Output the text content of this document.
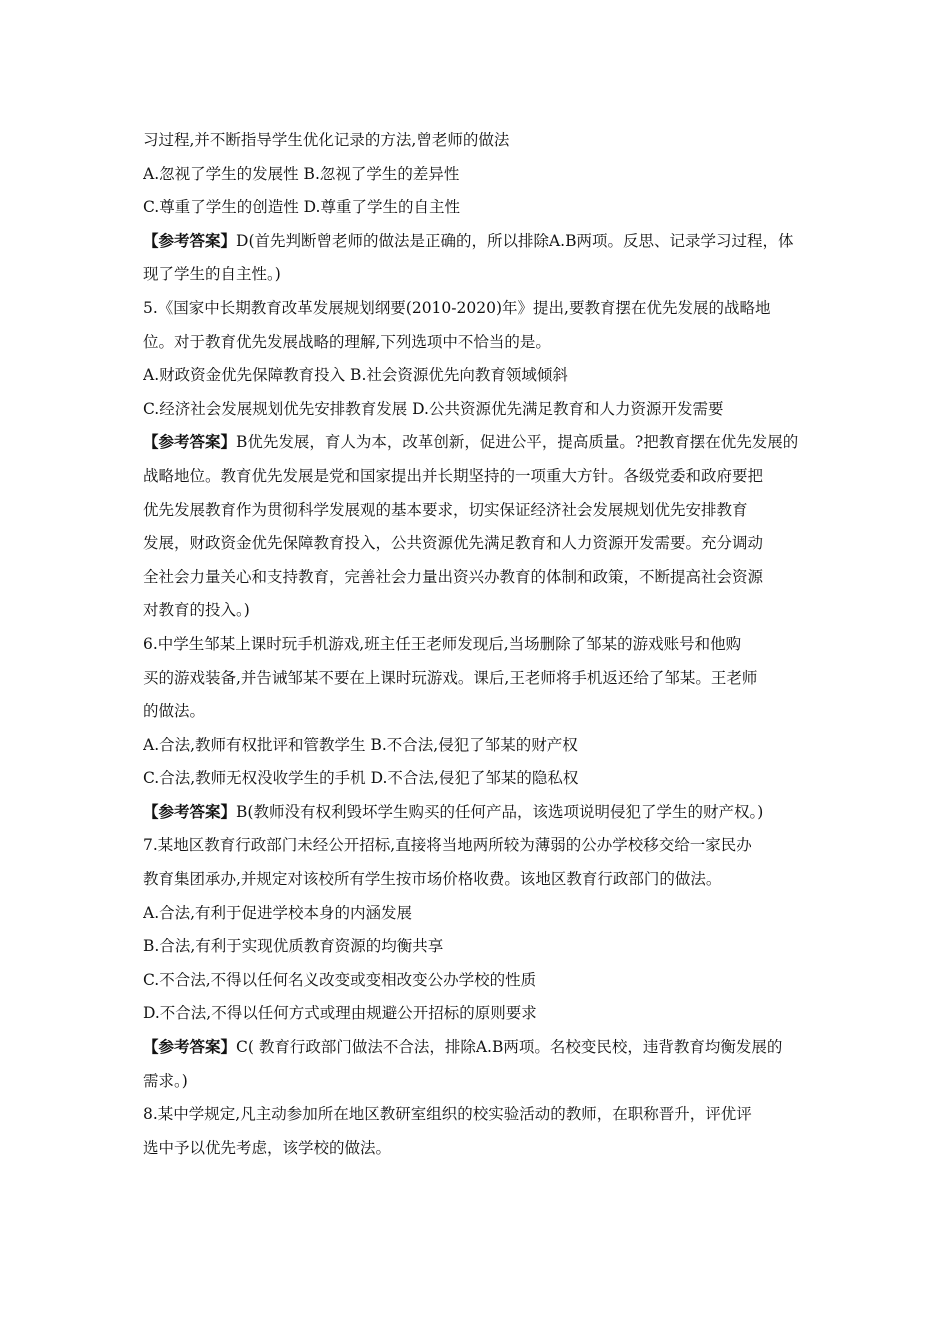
习过程,并不断指导学生优化记录的方法,曾老师的做法
A.忽视了学生的发展性 B.忽视了学生的差异性
C.尊重了学生的创造性 D.尊重了学生的自主性
【参考答案】D(首先判断曾老师的做法是正确的，所以排除A.B两项。反思、记录学习过程，体
现了学生的自主性。)
5.《国家中长期教育改革发展规划纲要(2010-2020)年》提出,要教育摆在优先发展的战略地
位。对于教育优先发展战略的理解,下列选项中不恰当的是。
A.财政资金优先保障教育投入 B.社会资源优先向教育领域倾斜
C.经济社会发展规划优先安排教育发展 D.公共资源优先满足教育和人力资源开发需要
【参考答案】B优先发展，育人为本，改革创新，促进公平，提高质量。?把教育摆在优先发展的
战略地位。教育优先发展是党和国家提出并长期坚持的一项重大方针。各级党委和政府要把
优先发展教育作为贯彻科学发展观的基本要求，切实保证经济社会发展规划优先安排教育
发展，财政资金优先保障教育投入，公共资源优先满足教育和人力资源开发需要。充分调动
全社会力量关心和支持教育，完善社会力量出资兴办教育的体制和政策，不断提高社会资源
对教育的投入。)
6.中学生邹某上课时玩手机游戏,班主任王老师发现后,当场删除了邹某的游戏账号和他购
买的游戏装备,并告诫邹某不要在上课时玩游戏。课后,王老师将手机返还给了邹某。王老师
的做法。
A.合法,教师有权批评和管教学生 B.不合法,侵犯了邹某的财产权
C.合法,教师无权没收学生的手机 D.不合法,侵犯了邹某的隐私权
【参考答案】B(教师没有权利毁坏学生购买的任何产品，该选项说明侵犯了学生的财产权。)
7.某地区教育行政部门未经公开招标,直接将当地两所较为薄弱的公办学校移交给一家民办
教育集团承办,并规定对该校所有学生按市场价格收费。该地区教育行政部门的做法。
A.合法,有利于促进学校本身的内涵发展
B.合法,有利于实现优质教育资源的均衡共享
C.不合法,不得以任何名义改变或变相改变公办学校的性质
D.不合法,不得以任何方式或理由规避公开招标的原则要求
【参考答案】C( 教育行政部门做法不合法，排除A.B两项。名校变民校，违背教育均衡发展的
需求。)
8.某中学规定,凡主动参加所在地区教研室组织的校实验活动的教师，在职称晋升，评优评
选中予以优先考虑，该学校的做法。
